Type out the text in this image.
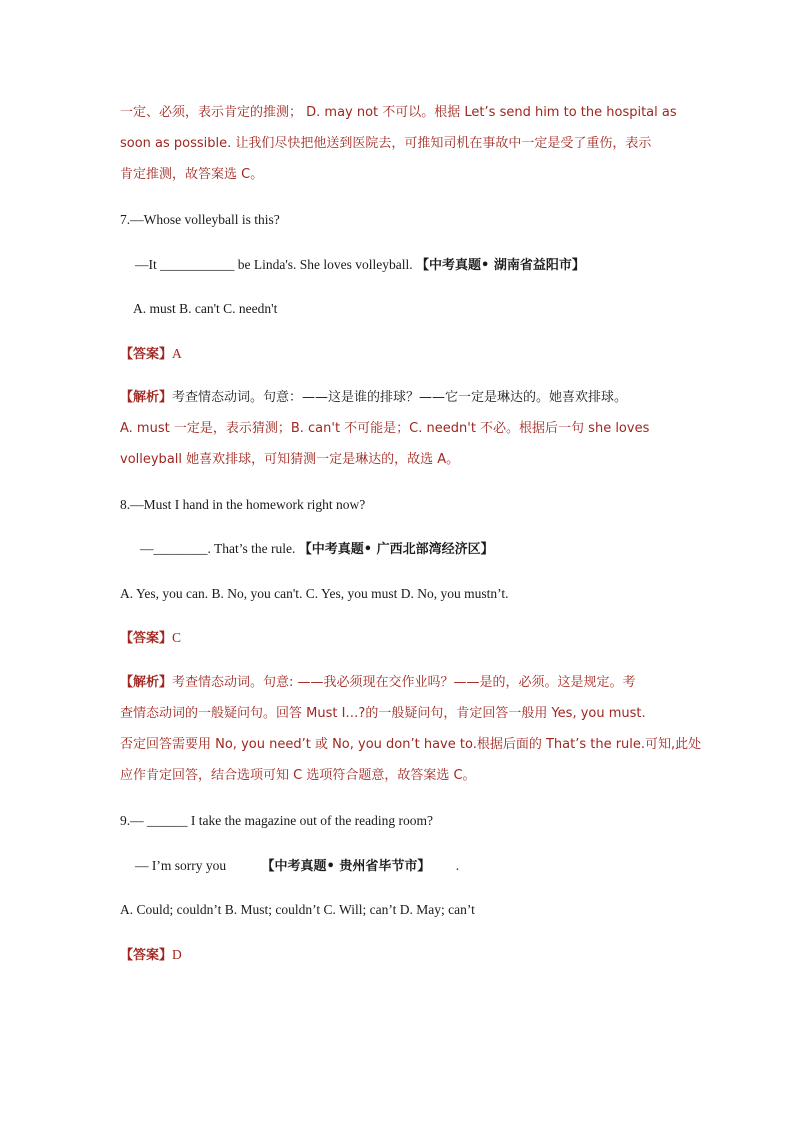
一定、必须，表示肯定的推测； D. may not 不可以。根据 Let’s send him to the hospital as
soon as possible. 让我们尽快把他送到医院去，可推知司机在事故中一定是受了重伤，表示
肯定推测，故答案选 C。
7.—Whose volleyball is this?
—It ___________ be Linda's. She loves volleyball. 【中考真题• 湖南省益阳市】
A. must B. can't C. needn't
【答案】A
【解析】考查情态动词。句意：——这是谁的排球？——它一定是琳达的。她喜欢排球。
A. must 一定是，表示猜测；B. can't 不可能是；C. needn't 不必。根据后一句 she loves
volleyball 她喜欢排球，可知猜测一定是琳达的，故选 A。
8.—Must I hand in the homework right now?
—________. That’s the rule. 【中考真题• 广西北部湾经济区】
A. Yes, you can. B. No, you can't. C. Yes, you must D. No, you mustn’t.
【答案】C
【解析】考查情态动词。句意: ——我必须现在交作业吗？——是的，必须。这是规定。考
查情态动词的一般疑问句。回答 Must I…?的一般疑问句，肯定回答一般用 Yes, you must.
否定回答需要用 No, you need’t 或 No, you don’t have to.根据后面的 That’s the rule.可知,此处
应作肯定回答，结合选项可知 C 选项符合题意，故答案选 C。
9.— ______ I take the magazine out of the reading room?
— I’m sorry you	【中考真题• 贵州省毕节市】 .
A. Could; couldn’t B. Must; couldn’t C. Will; can’t D. May; can’t
【答案】D
